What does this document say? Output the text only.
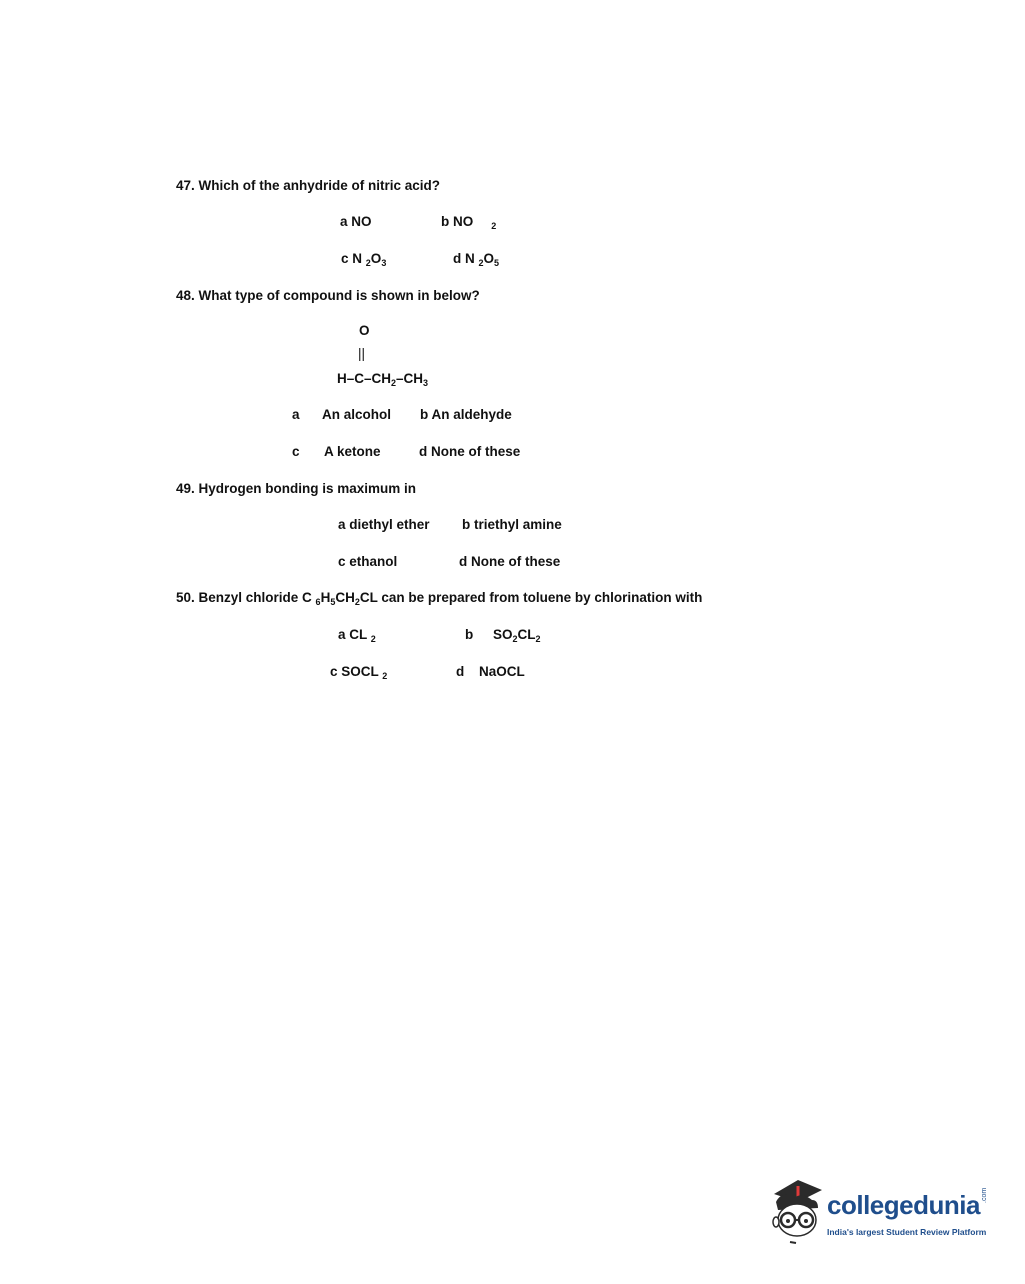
47. Which of the anhydride of nitric acid?
a NO	b NO $_2$
c N $_2O_3$	d N $_2O_5$
48. What type of compound is shown in below?
O
||
$H-C-CH_2-CH_3$
a An alcohol b An aldehyde
c A ketone	d None of these
49. Hydrogen bonding is maximum in
a diethyl ether b triethyl amine
c ethanol	d None of these
50. Benzyl chloride C $_6H_5CH_2CL$ can be prepared from toluene by chlorination with
a CL $_2$	b $SO_2CL_2$
c SOCL $_2$	d NaOCL
collegedunia .com
India's largest Student Review Platform
